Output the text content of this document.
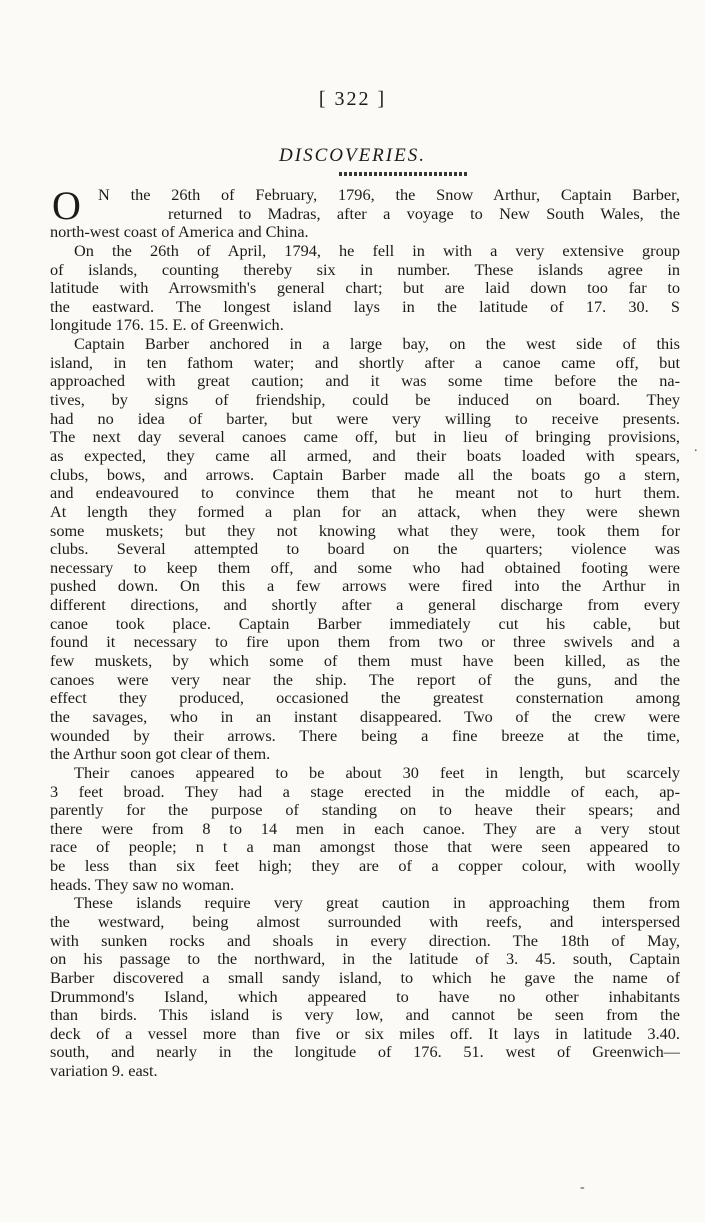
[ 322 ]
DISCOVERIES.
O	N the 26th of February, 1796, the Snow Arthur, Captain Barber,
returned to Madras, after a voyage to New South Wales, the
north-west coast of America and China.
On the 26th of April, 1794, he fell in with a very extensive group
of islands, counting thereby six in number. These islands agree in
latitude with Arrowsmith's general chart; but are laid down too far to
the eastward. The longest island lays in the latitude of 17. 30. S
longitude 176. 15. E. of Greenwich.
Captain Barber anchored in a large bay, on the west side of this
island, in ten fathom water; and shortly after a canoe came off, but
approached with great caution; and it was some time before the na-
tives, by signs of friendship, could be induced on board. They
had no idea of barter, but were very willing to receive presents.
The next day several canoes came off, but in lieu of bringing provisions,
as expected, they came all armed, and their boats loaded with spears,
clubs, bows, and arrows. Captain Barber made all the boats go a stern,
and endeavoured to convince them that he meant not to hurt them.
At length they formed a plan for an attack, when they were shewn
some muskets; but they not knowing what they were, took them for
clubs. Several attempted to board on the quarters; violence was
necessary to keep them off, and some who had obtained footing were
pushed down. On this a few arrows were fired into the Arthur in
different directions, and shortly after a general discharge from every
canoe took place. Captain Barber immediately cut his cable, but
found it necessary to fire upon them from two or three swivels and a
few muskets, by which some of them must have been killed, as the
canoes were very near the ship. The report of the guns, and the
effect they produced, occasioned the greatest consternation among
the savages, who in an instant disappeared. Two of the crew were
wounded by their arrows. There being a fine breeze at the time,
the Arthur soon got clear of them.
Their canoes appeared to be about 30 feet in length, but scarcely
3 feet broad. They had a stage erected in the middle of each, ap-
parently for the purpose of standing on to heave their spears; and
there were from 8 to 14 men in each canoe. They are a very stout
race of people; n t a man amongst those that were seen appeared to
be less than six feet high; they are of a copper colour, with woolly
heads. They saw no woman.
These islands require very great caution in approaching them from
the westward, being almost surrounded with reefs, and interspersed
with sunken rocks and shoals in every direction. The 18th of May,
on his passage to the northward, in the latitude of 3. 45. south, Captain
Barber discovered a small sandy island, to which he gave the name of
Drummond's Island, which appeared to have no other inhabitants
than birds. This island is very low, and cannot be seen from the
deck of a vessel more than five or six miles off. It lays in latitude 3.40.
south, and nearly in the longitude of 176. 51. west of Greenwich—
variation 9. east.
.
-
